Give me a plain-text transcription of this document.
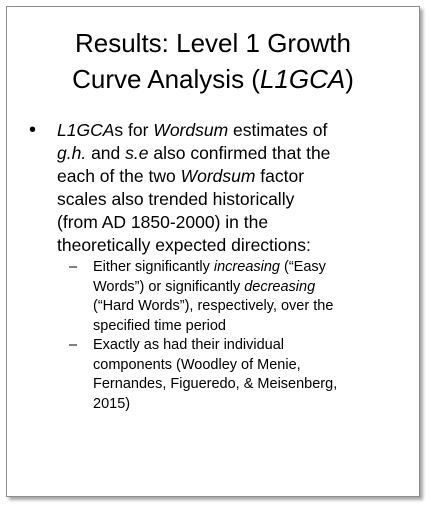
Results: Level 1 Growth
Curve Analysis (L1GCA)
• L1GCAs for Wordsum estimates of
g.h. and s.e also confirmed that the
each of the two Wordsum factor
scales also trended historically
(from AD 1850-2000) in the
theoretically expected directions:
– Either significantly increasing (“Easy
Words”) or significantly decreasing
(“Hard Words”), respectively, over the
specified time period
– Exactly as had their individual
components (Woodley of Menie,
Fernandes, Figueredo, & Meisenberg,
2015)
